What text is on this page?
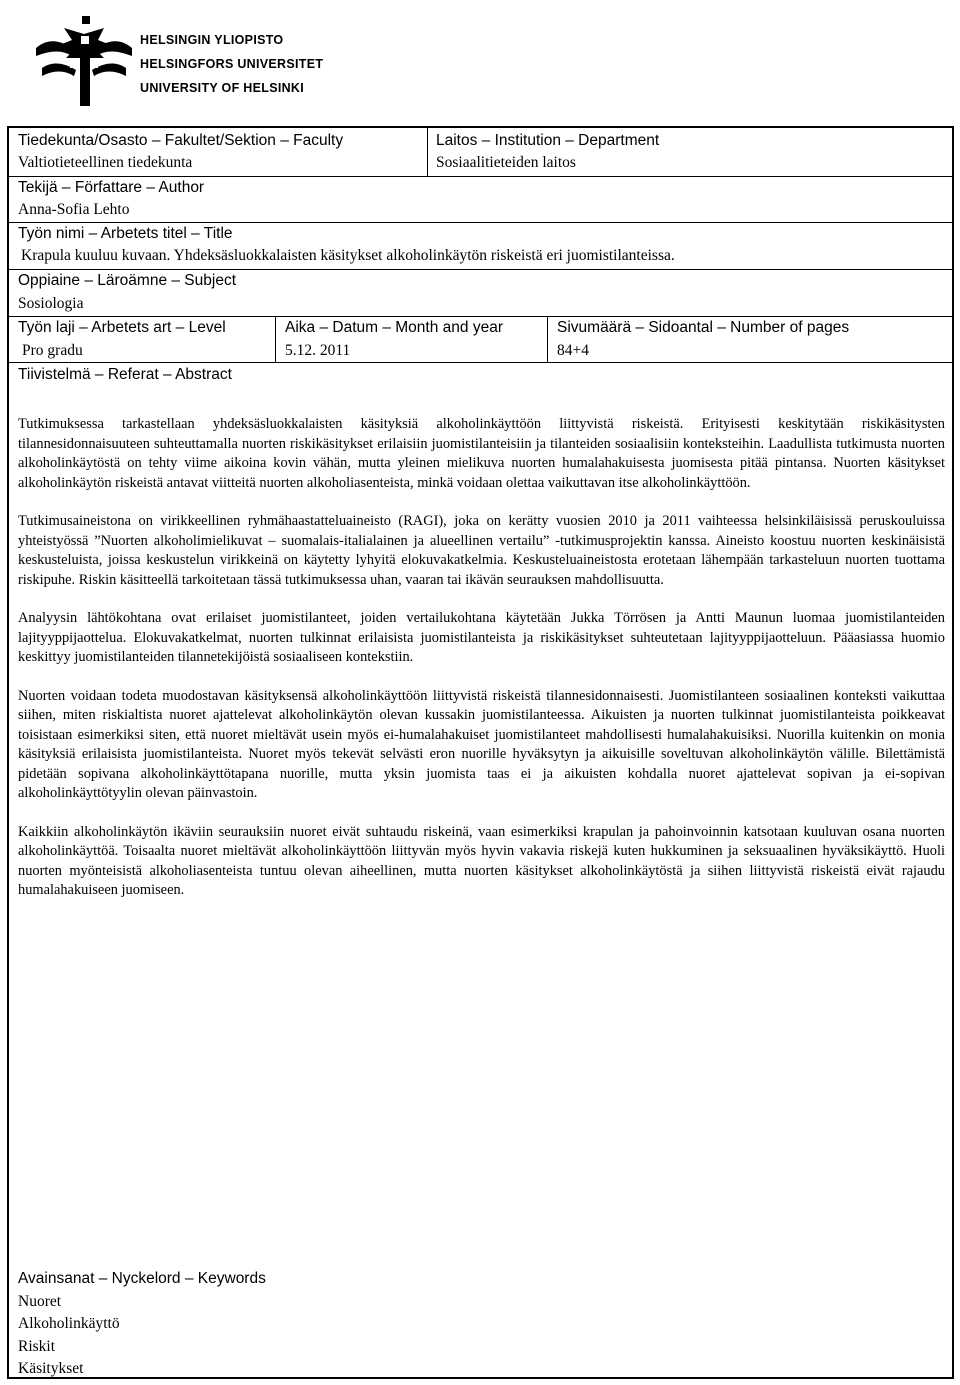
HELSINGIN YLIOPISTO
HELSINGFORS UNIVERSITET
UNIVERSITY OF HELSINKI
Tiedekunta/Osasto – Fakultet/Sektion – Faculty
Valtiotieteellinen tiedekunta
Laitos – Institution – Department
Sosiaalitieteiden laitos
Tekijä – Författare – Author
Anna-Sofia Lehto
Työn nimi – Arbetets titel – Title
Krapula kuuluu kuvaan. Yhdeksäsluokkalaisten käsitykset alkoholinkäytön riskeistä eri juomistilanteissa.
Oppiaine – Läroämne – Subject
Sosiologia
Työn laji – Arbetets art – Level
Pro gradu
Aika – Datum – Month and year
5.12. 2011
Sivumäärä – Sidoantal – Number of pages
84+4
Tiivistelmä – Referat – Abstract

Tutkimuksessa tarkastellaan yhdeksäsluokkalaisten käsityksiä alkoholinkäyttöön liittyvistä riskeistä. Erityisesti keskitytään riskikäsitysten tilannesidonnaisuuteen suhteuttamalla nuorten riskikäsitykset erilaisiin juomistilanteisiin ja tilanteiden sosiaalisiin konteksteihin. Laadullista tutkimusta nuorten alkoholinkäytöstä on tehty viime aikoina kovin vähän, mutta yleinen mielikuva nuorten humalahakuisesta juomisesta pitää pintansa. Nuorten käsitykset alkoholinkäytön riskeistä antavat viitteitä nuorten alkoholiasenteista, minkä voidaan olettaa vaikuttavan itse alkoholinkäyttöön.

Tutkimusaineistona on virikkeellinen ryhmähaastatteluaineisto (RAGI), joka on kerätty vuosien 2010 ja 2011 vaihteessa helsinkiläisissä peruskouluissa yhteistyössä ”Nuorten alkoholimielikuvat – suomalais-italialainen ja alueellinen vertailu” -tutkimusprojektin kanssa. Aineisto koostuu nuorten keskinäisistä keskusteluista, joissa keskustelun virikkeinä on käytetty lyhyitä elokuvakatkelmia. Keskusteluaineistosta erotetaan lähempään tarkasteluun nuorten tuottama riskipuhe. Riskin käsitteellä tarkoitetaan tässä tutkimuksessa uhan, vaaran tai ikävän seurauksen mahdollisuutta.

Analyysin lähtökohtana ovat erilaiset juomistilanteet, joiden vertailukohtana käytetään Jukka Törrösen ja Antti Maunun luomaa juomistilanteiden lajityyppijaottelua. Elokuvakatkelmat, nuorten tulkinnat erilaisista juomistilanteista ja riskikäsitykset suhteutetaan lajityyppijaotteluun. Pääasiassa huomio keskittyy juomistilanteiden tilannetekijöistä sosiaaliseen kontekstiin.

Nuorten voidaan todeta muodostavan käsityksensä alkoholinkäyttöön liittyvistä riskeistä tilannesidonnaisesti. Juomistilanteen sosiaalinen konteksti vaikuttaa siihen, miten riskialtista nuoret ajattelevat alkoholinkäytön olevan kussakin juomistilanteessa. Aikuisten ja nuorten tulkinnat juomistilanteista poikkeavat toisistaan esimerkiksi siten, että nuoret mieltävät usein myös ei-humalahakuiset juomistilanteet mahdollisesti humalahakuisiksi. Nuorilla kuitenkin on monia käsityksiä erilaisista juomistilanteista. Nuoret myös tekevät selvästi eron nuorille hyväksytyn ja aikuisille soveltuvan alkoholinkäytön välille. Bilettämistä pidetään sopivana alkoholinkäyttötapana nuorille, mutta yksin juomista taas ei ja aikuisten kohdalla nuoret ajattelevat sopivan ja ei-sopivan alkoholinkäyttötyylin olevan päinvastoin.

Kaikkiin alkoholinkäytön ikäviin seurauksiin nuoret eivät suhtaudu riskeinä, vaan esimerkiksi krapulan ja pahoinvoinnin katsotaan kuuluvan osana nuorten alkoholinkäyttöä. Toisaalta nuoret mieltävät alkoholinkäyttöön liittyvän myös hyvin vakavia riskejä kuten hukkuminen ja seksuaalinen hyväksikäyttö. Huoli nuorten myönteisistä alkoholiasenteista tuntuu olevan aiheellinen, mutta nuorten käsitykset alkoholinkäytöstä ja siihen liittyvistä riskeistä eivät rajaudu humalahakuiseen juomiseen.

Avainsanat – Nyckelord – Keywords
Nuoret
Alkoholinkäyttö
Riskit
Käsitykset
